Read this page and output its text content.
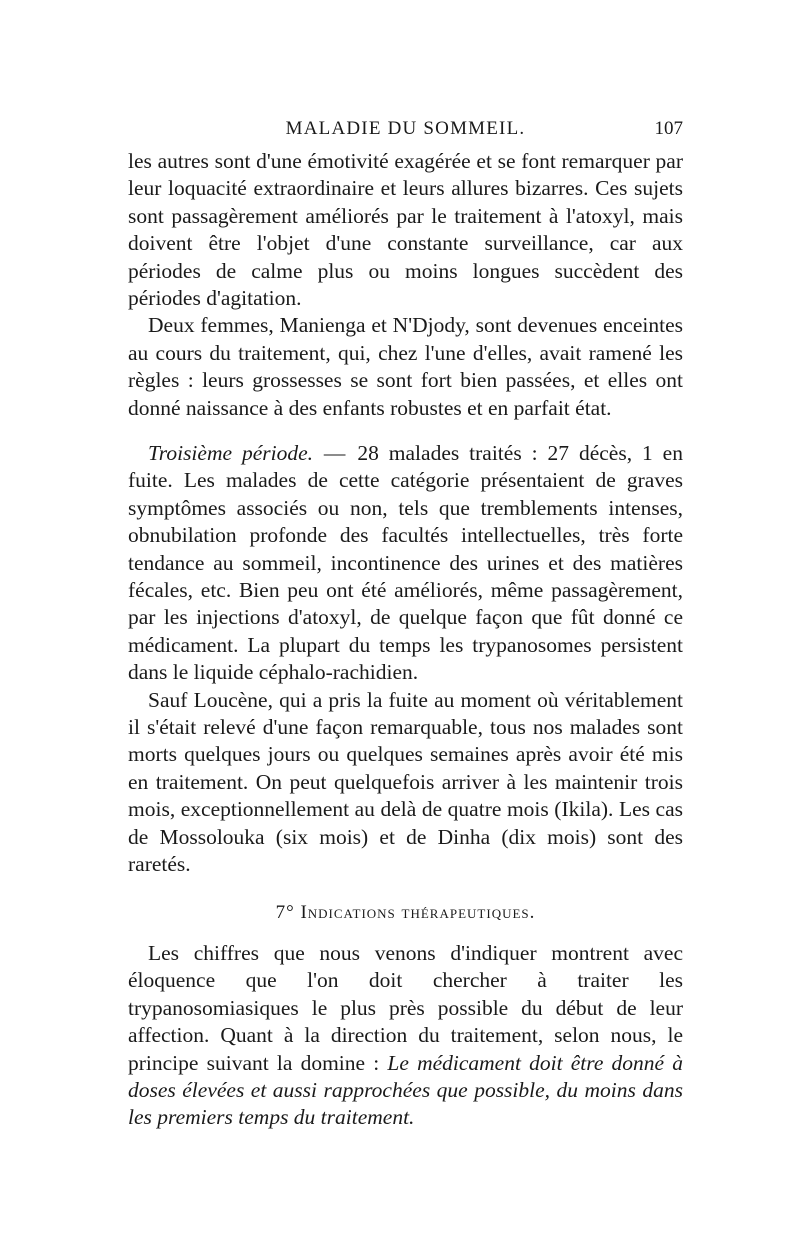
MALADIE DU SOMMEIL.	107

les autres sont d'une émotivité exagérée et se font remarquer par leur loquacité extraordinaire et leurs allures bizarres. Ces sujets sont passagèrement améliorés par le traitement à l'atoxyl, mais doivent être l'objet d'une constante surveillance, car aux périodes de calme plus ou moins longues succèdent des périodes d'agitation.

Deux femmes, Manienga et N'Djody, sont devenues enceintes au cours du traitement, qui, chez l'une d'elles, avait ramené les règles : leurs grossesses se sont fort bien passées, et elles ont donné naissance à des enfants robustes et en parfait état.

Troisième période. — 28 malades traités : 27 décès, 1 en fuite. Les malades de cette catégorie présentaient de graves symptômes associés ou non, tels que tremblements intenses, obnubilation profonde des facultés intellectuelles, très forte tendance au sommeil, incontinence des urines et des matières fécales, etc. Bien peu ont été améliorés, même passagèrement, par les injections d'atoxyl, de quelque façon que fût donné ce médicament. La plupart du temps les trypanosomes persistent dans le liquide céphalo-rachidien.

Sauf Loucène, qui a pris la fuite au moment où véritablement il s'était relevé d'une façon remarquable, tous nos malades sont morts quelques jours ou quelques semaines après avoir été mis en traitement. On peut quelquefois arriver à les maintenir trois mois, exceptionnellement au delà de quatre mois (Ikila). Les cas de Mossolouka (six mois) et de Dinha (dix mois) sont des raretés.

7° Indications thérapeutiques.

Les chiffres que nous venons d'indiquer montrent avec éloquence que l'on doit chercher à traiter les trypanosomiasiques le plus près possible du début de leur affection. Quant à la direction du traitement, selon nous, le principe suivant la domine : Le médicament doit être donné à doses élevées et aussi rapprochées que possible, du moins dans les premiers temps du traitement.
